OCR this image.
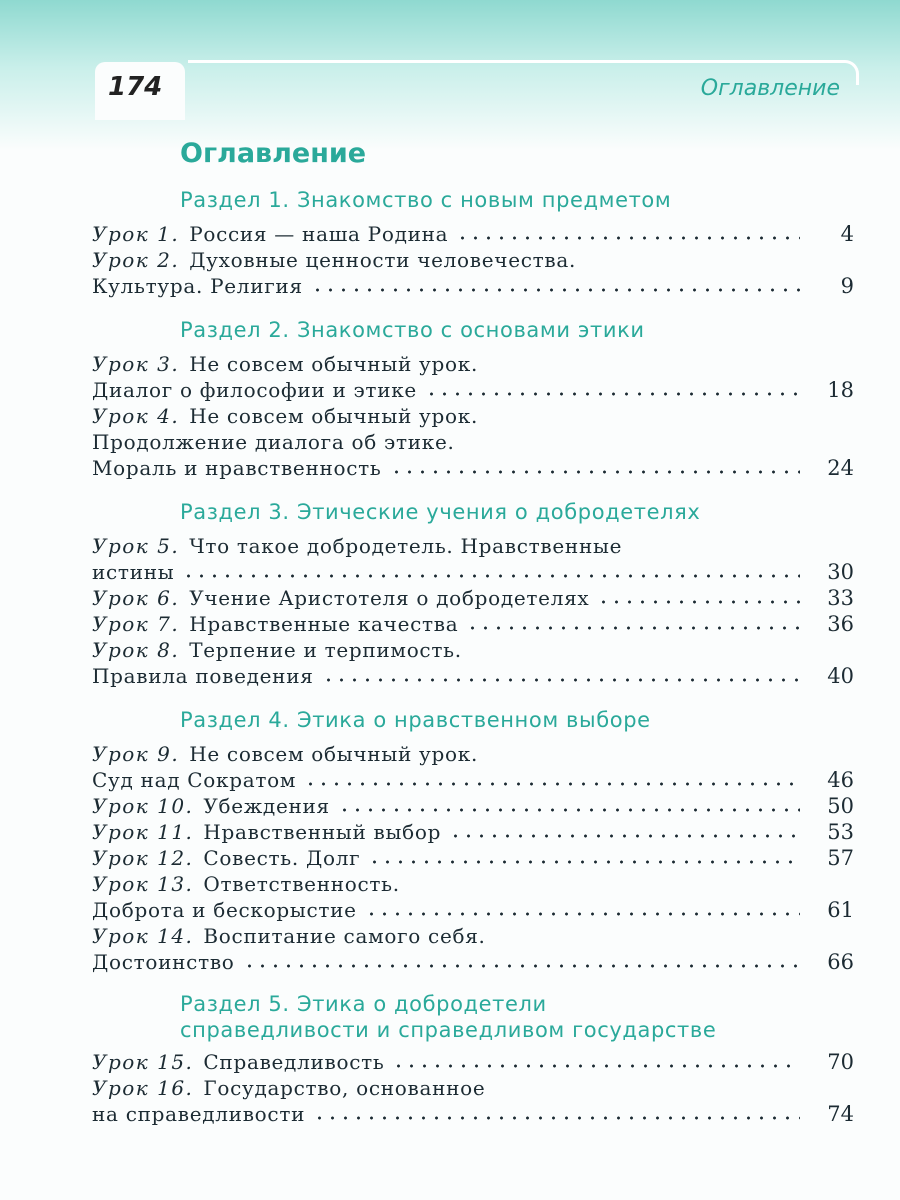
174	Оглавление
Оглавление
Раздел 1. Знакомство с новым предметом
Урок 1. Россия — наша Родина	4
Урок 2. Духовные ценности человечества.
Культура. Религия	9
Раздел 2. Знакомство с основами этики
Урок 3. Не совсем обычный урок.
Диалог о философии и этике	18
Урок 4. Не совсем обычный урок.
Продолжение диалога об этике.
Мораль и нравственность	24
Раздел 3. Этические учения о добродетелях
Урок 5. Что такое добродетель. Нравственные
истины	30
Урок 6. Учение Аристотеля о добродетелях	33
Урок 7. Нравственные качества	36
Урок 8. Терпение и терпимость.
Правила поведения	40
Раздел 4. Этика о нравственном выборе
Урок 9. Не совсем обычный урок.
Суд над Сократом	46
Урок 10. Убеждения	50
Урок 11. Нравственный выбор	53
Урок 12. Совесть. Долг	57
Урок 13. Ответственность.
Доброта и бескорыстие	61
Урок 14. Воспитание самого себя.
Достоинство	66
Раздел 5. Этика о добродетели
справедливости и справедливом государстве
Урок 15. Справедливость	70
Урок 16. Государство, основанное
на справедливости	74
